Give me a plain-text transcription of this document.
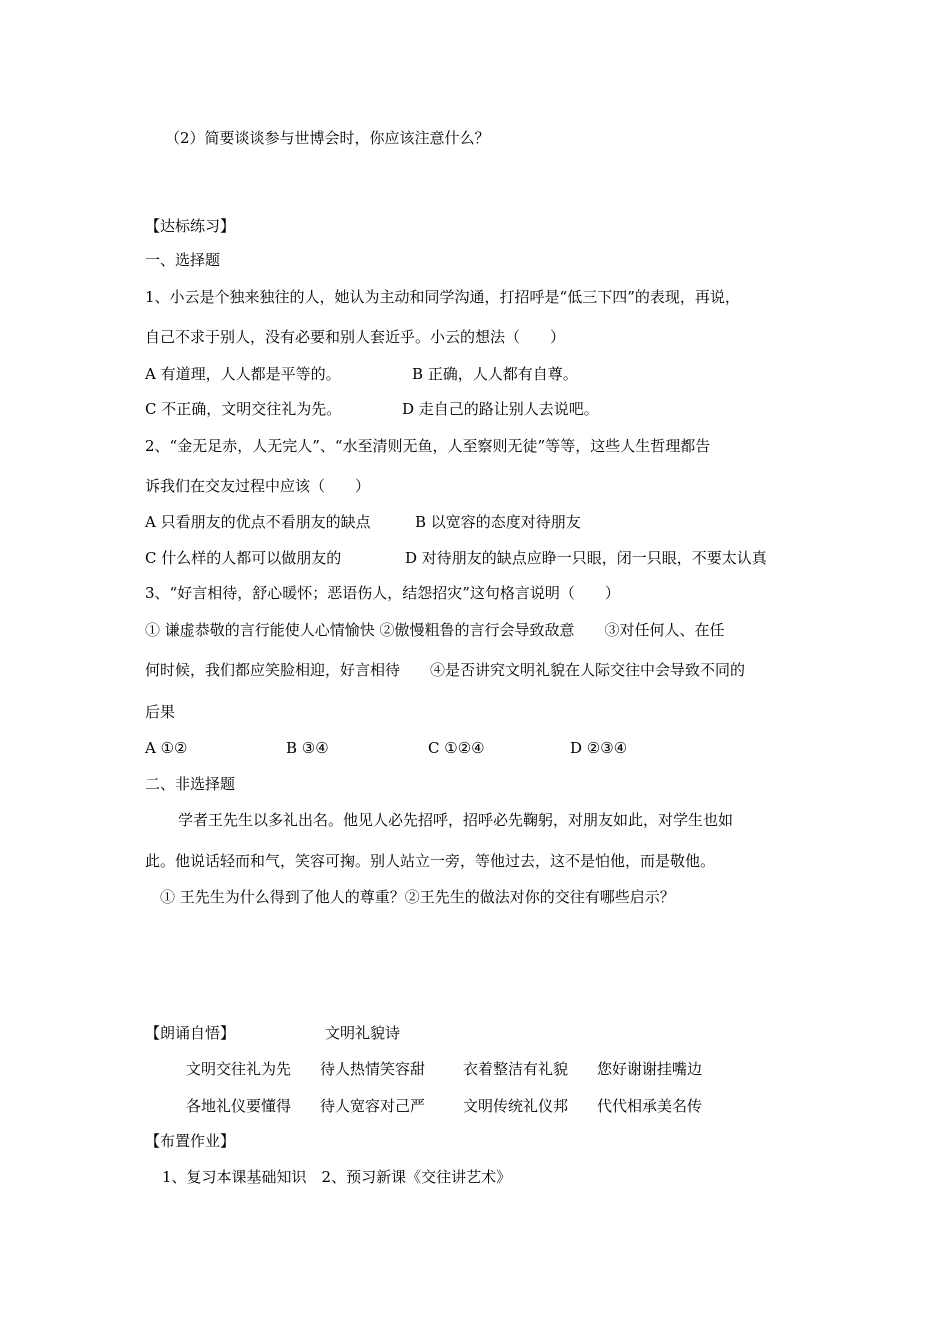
（2）简要谈谈参与世博会时，你应该注意什么？

【达标练习】

一、选择题

1、小云是个独来独往的人，她认为主动和同学沟通，打招呼是“低三下四”的表现，再说，

自己不求于别人，没有必要和别人套近乎。小云的想法（　　）

A 有道理，人人都是平等的。	B 正确，人人都有自尊。
C 不正确，文明交往礼为先。	D 走自己的路让别人去说吧。

2、“金无足赤，人无完人”、“水至清则无鱼，人至察则无徒”等等，这些人生哲理都告

诉我们在交友过程中应该（　　）

A 只看朋友的优点不看朋友的缺点	B 以宽容的态度对待朋友
C 什么样的人都可以做朋友的	D 对待朋友的缺点应睁一只眼，闭一只眼，不要太认真

3、“好言相待，舒心暖怀；恶语伤人，结怨招灾”这句格言说明（　　）

① 谦虚恭敬的言行能使人心情愉快 ②傲慢粗鲁的言行会导致敌意　　③对任何人、在任

何时候，我们都应笑脸相迎，好言相待　　④是否讲究文明礼貌在人际交往中会导致不同的

后果

A ①②	B ③④	C ①②④	D ②③④

二、非选择题

学者王先生以多礼出名。他见人必先招呼，招呼必先鞠躬，对朋友如此，对学生也如

此。他说话轻而和气，笑容可掬。别人站立一旁，等他过去，这不是怕他，而是敬他。

① 王先生为什么得到了他人的尊重？②王先生的做法对你的交往有哪些启示？

【朗诵自悟】	文明礼貌诗
文明交往礼为先 待人热情笑容甜	衣着整洁有礼貌 您好谢谢挂嘴边
各地礼仪要懂得 待人宽容对己严	文明传统礼仪邦 代代相承美名传

【布置作业】

1、复习本课基础知识　2、预习新课《交往讲艺术》
